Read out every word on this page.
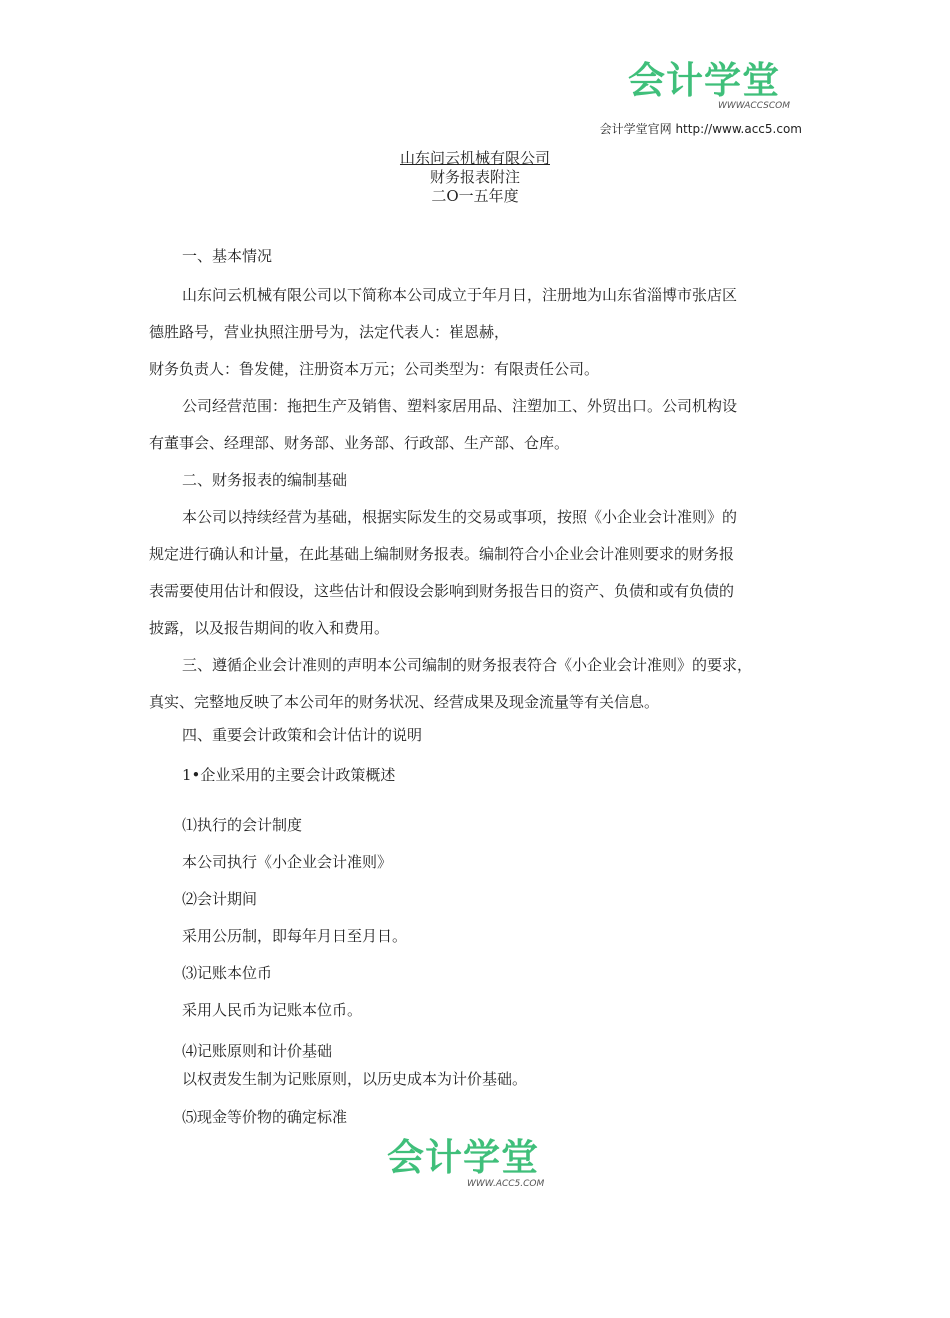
会计学堂
WWWACCSCOM
会计学堂官网 http://www.acc5.com
山东问云机械有限公司
财务报表附注
二O一五年度
一、基本情况
山东问云机械有限公司以下简称本公司成立于年月日，注册地为山东省淄博市张店区
德胜路号，营业执照注册号为，法定代表人：崔恩赫，
财务负责人：鲁发健，注册资本万元；公司类型为：有限责任公司。
公司经营范围：拖把生产及销售、塑料家居用品、注塑加工、外贸出口。公司机构设
有董事会、经理部、财务部、业务部、行政部、生产部、仓库。
二、财务报表的编制基础
本公司以持续经营为基础，根据实际发生的交易或事项，按照《小企业会计准则》的
规定进行确认和计量，在此基础上编制财务报表。编制符合小企业会计准则要求的财务报
表需要使用估计和假设，这些估计和假设会影响到财务报告日的资产、负债和或有负债的
披露，以及报告期间的收入和费用。
三、遵循企业会计准则的声明本公司编制的财务报表符合《小企业会计准则》的要求，
真实、完整地反映了本公司年的财务状况、经营成果及现金流量等有关信息。
四、重要会计政策和会计估计的说明
1•企业采用的主要会计政策概述
⑴执行的会计制度
本公司执行《小企业会计准则》
⑵会计期间
采用公历制，即每年月日至月日。
⑶记账本位币
采用人民币为记账本位币。
⑷记账原则和计价基础
以权责发生制为记账原则，以历史成本为计价基础。
⑸现金等价物的确定标准
会计学堂
WWW.ACC5.COM
